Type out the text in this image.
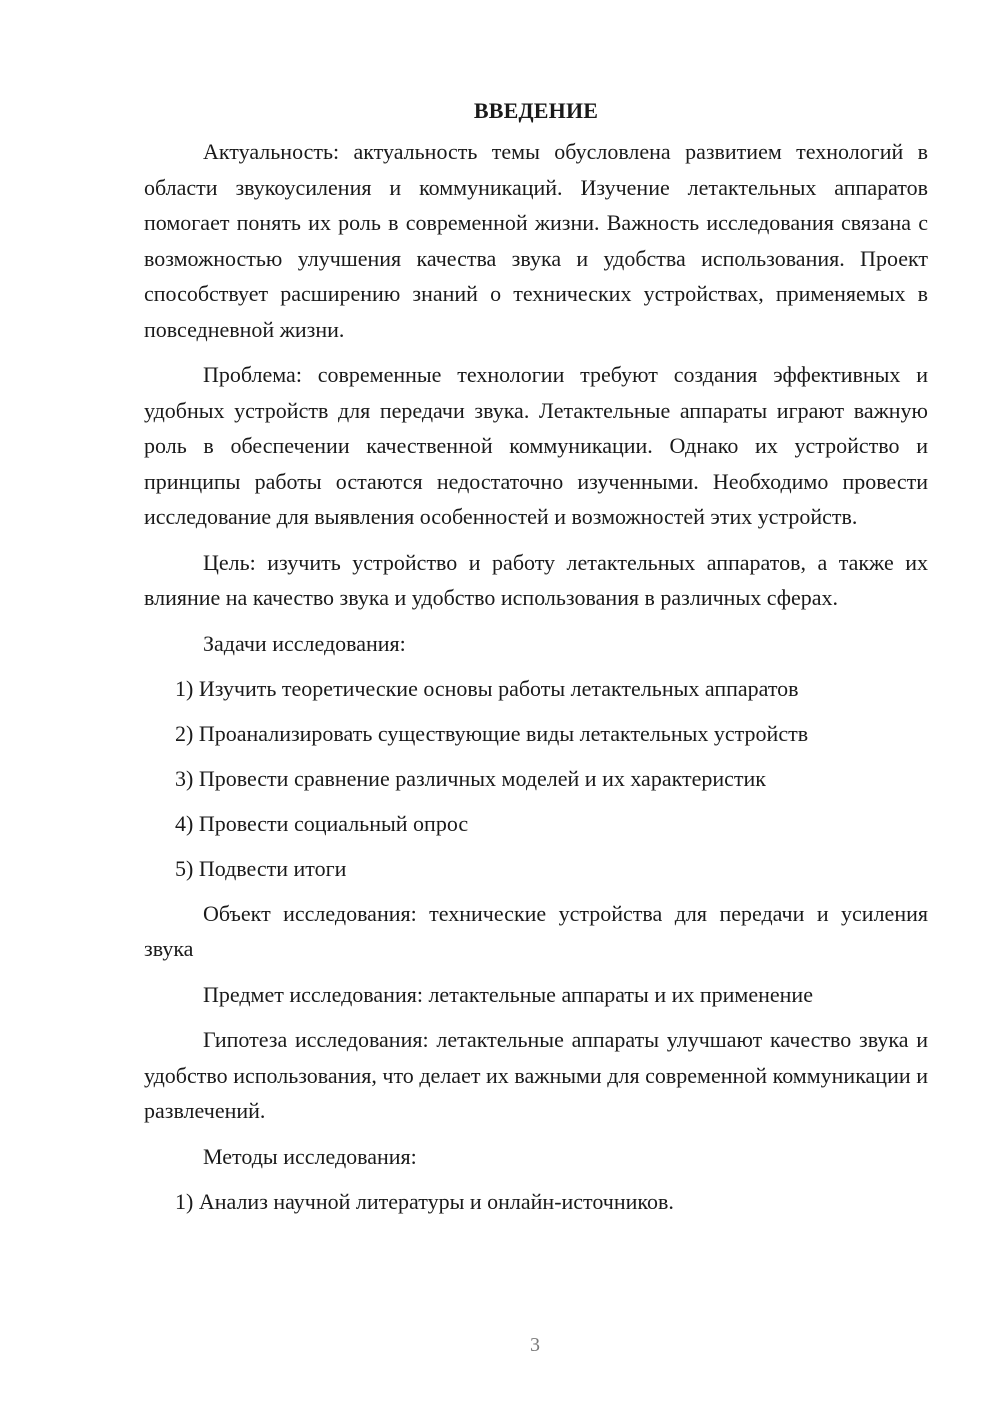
ВВЕДЕНИЕ

Актуальность: актуальность темы обусловлена развитием технологий в области звукоусиления и коммуникаций. Изучение летактельных аппаратов помогает понять их роль в современной жизни. Важность исследования связана с возможностью улучшения качества звука и удобства использования. Проект способствует расширению знаний о технических устройствах, применяемых в повседневной жизни.

Проблема: современные технологии требуют создания эффективных и удобных устройств для передачи звука. Летактельные аппараты играют важную роль в обеспечении качественной коммуникации. Однако их устройство и принципы работы остаются недостаточно изученными. Необходимо провести исследование для выявления особенностей и возможностей этих устройств.

Цель: изучить устройство и работу летактельных аппаратов, а также их влияние на качество звука и удобство использования в различных сферах.

Задачи исследования:

1) Изучить теоретические основы работы летактельных аппаратов

2) Проанализировать существующие виды летактельных устройств

3) Провести сравнение различных моделей и их характеристик

4) Провести социальный опрос

5) Подвести итоги

Объект исследования: технические устройства для передачи и усиления звука

Предмет исследования: летактельные аппараты и их применение

Гипотеза исследования: летактельные аппараты улучшают качество звука и удобство использования, что делает их важными для современной коммуникации и развлечений.

Методы исследования:

1) Анализ научной литературы и онлайн-источников.

3
